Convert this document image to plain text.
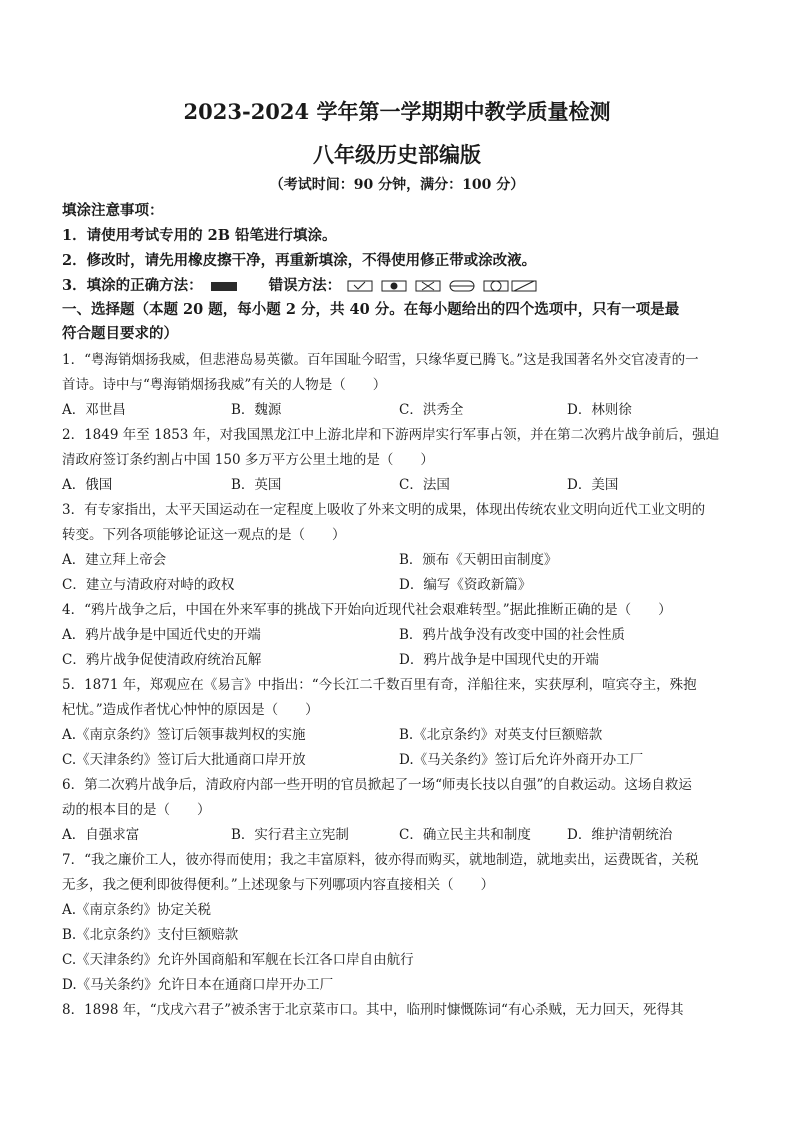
2023-2024 学年第一学期期中教学质量检测
八年级历史部编版
（考试时间：90 分钟，满分：100 分）
填涂注意事项：
1．请使用考试专用的 2B 铅笔进行填涂。
2．修改时，请先用橡皮擦干净，再重新填涂，不得使用修正带或涂改液。
3．填涂的正确方法：	错误方法：
一、选择题（本题 20 题，每小题 2 分，共 40 分。在每小题给出的四个选项中，只有一项是最
符合题目要求的）
1．“粤海销烟扬我威，但悲港岛易英徽。百年国耻今昭雪，只缘华夏已腾飞。”这是我国著名外交官凌青的一
首诗。诗中与“粤海销烟扬我威”有关的人物是（　　）
A．邓世昌	B．魏源	C．洪秀全	D．林则徐
2．1849 年至 1853 年，对我国黑龙江中上游北岸和下游两岸实行军事占领，并在第二次鸦片战争前后，强迫
清政府签订条约割占中国 150 多万平方公里土地的是（　　）
A．俄国	B．英国	C．法国	D．美国
3．有专家指出，太平天国运动在一定程度上吸收了外来文明的成果，体现出传统农业文明向近代工业文明的
转变。下列各项能够论证这一观点的是（　　）
A．建立拜上帝会	B．颁布《天朝田亩制度》
C．建立与清政府对峙的政权	D．编写《资政新篇》
4．“鸦片战争之后，中国在外来军事的挑战下开始向近现代社会艰难转型。”据此推断正确的是（　　）
A．鸦片战争是中国近代史的开端	B．鸦片战争没有改变中国的社会性质
C．鸦片战争促使清政府统治瓦解	D．鸦片战争是中国现代史的开端
5．1871 年，郑观应在《易言》中指出：“今长江二千数百里有奇，洋船往来，实获厚利，喧宾夺主，殊抱
杞忧。”造成作者忧心忡忡的原因是（　　）
A.《南京条约》签订后领事裁判权的实施	B.《北京条约》对英支付巨额赔款
C.《天津条约》签订后大批通商口岸开放	D.《马关条约》签订后允许外商开办工厂
6．第二次鸦片战争后，清政府内部一些开明的官员掀起了一场“师夷长技以自强”的自救运动。这场自救运
动的根本目的是（　　）
A．自强求富	B．实行君主立宪制	C．确立民主共和制度	D．维护清朝统治
7．“我之廉价工人，彼亦得而使用；我之丰富原料，彼亦得而购买，就地制造，就地卖出，运费既省，关税
无多，我之便利即彼得便利。”上述现象与下列哪项内容直接相关（　　）
A.《南京条约》协定关税
B.《北京条约》支付巨额赔款
C.《天津条约》允许外国商船和军舰在长江各口岸自由航行
D.《马关条约》允许日本在通商口岸开办工厂
8．1898 年，“戊戌六君子”被杀害于北京菜市口。其中，临刑时慷慨陈词“有心杀贼，无力回天，死得其
